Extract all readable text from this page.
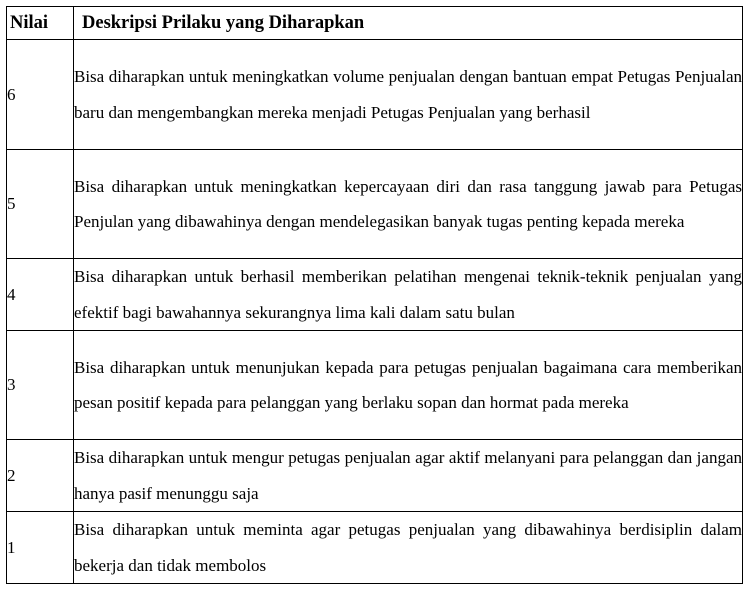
Nilai	Deskripsi Prilaku yang Diharapkan
6	Bisa diharapkan untuk meningkatkan volume penjualan dengan bantuan empat Petugas Penjualan baru dan mengembangkan mereka menjadi Petugas Penjualan yang berhasil
5	Bisa diharapkan untuk meningkatkan kepercayaan diri dan rasa tanggung jawab para Petugas Penjulan yang dibawahinya dengan mendelegasikan banyak tugas penting kepada mereka
4	Bisa diharapkan untuk berhasil memberikan pelatihan mengenai teknik-teknik penjualan yang efektif bagi bawahannya sekurangnya lima kali dalam satu bulan
3	Bisa diharapkan untuk menunjukan kepada para petugas penjualan bagaimana cara memberikan pesan positif kepada para pelanggan yang berlaku sopan dan hormat pada mereka
2	Bisa diharapkan untuk mengur petugas penjualan agar aktif melanyani para pelanggan dan jangan hanya pasif menunggu saja
1	Bisa diharapkan untuk meminta agar petugas penjualan yang dibawahinya berdisiplin dalam bekerja dan tidak membolos
